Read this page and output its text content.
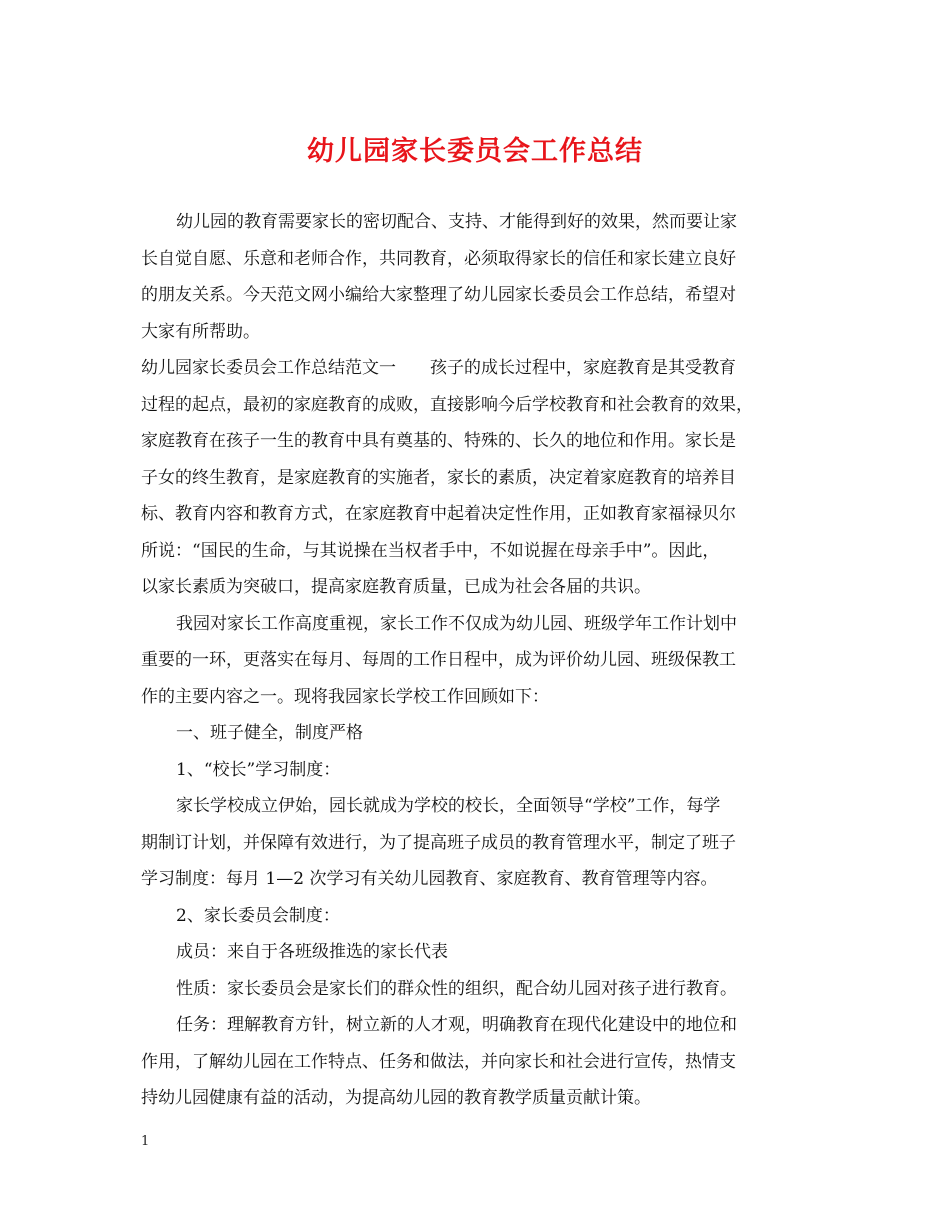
幼儿园家长委员会工作总结
幼儿园的教育需要家长的密切配合、支持、才能得到好的效果，然而要让家
长自觉自愿、乐意和老师合作，共同教育，必须取得家长的信任和家长建立良好
的朋友关系。今天范文网小编给大家整理了幼儿园家长委员会工作总结，希望对
大家有所帮助。
幼儿园家长委员会工作总结范文一　　孩子的成长过程中，家庭教育是其受教育
过程的起点，最初的家庭教育的成败，直接影响今后学校教育和社会教育的效果，
家庭教育在孩子一生的教育中具有奠基的、特殊的、长久的地位和作用。家长是
子女的终生教育，是家庭教育的实施者，家长的素质，决定着家庭教育的培养目
标、教育内容和教育方式，在家庭教育中起着决定性作用，正如教育家福禄贝尔
所说：“国民的生命，与其说操在当权者手中，不如说握在母亲手中”。因此，
以家长素质为突破口，提高家庭教育质量，已成为社会各届的共识。
我园对家长工作高度重视，家长工作不仅成为幼儿园、班级学年工作计划中
重要的一环，更落实在每月、每周的工作日程中，成为评价幼儿园、班级保教工
作的主要内容之一。现将我园家长学校工作回顾如下：
一、班子健全，制度严格
1、“校长”学习制度：
家长学校成立伊始，园长就成为学校的校长，全面领导“学校”工作，每学
期制订计划，并保障有效进行，为了提高班子成员的教育管理水平，制定了班子
学习制度：每月 1—2 次学习有关幼儿园教育、家庭教育、教育管理等内容。
2、家长委员会制度：
成员：来自于各班级推选的家长代表
性质：家长委员会是家长们的群众性的组织，配合幼儿园对孩子进行教育。
任务：理解教育方针，树立新的人才观，明确教育在现代化建设中的地位和
作用，了解幼儿园在工作特点、任务和做法，并向家长和社会进行宣传，热情支
持幼儿园健康有益的活动，为提高幼儿园的教育教学质量贡献计策。
1
